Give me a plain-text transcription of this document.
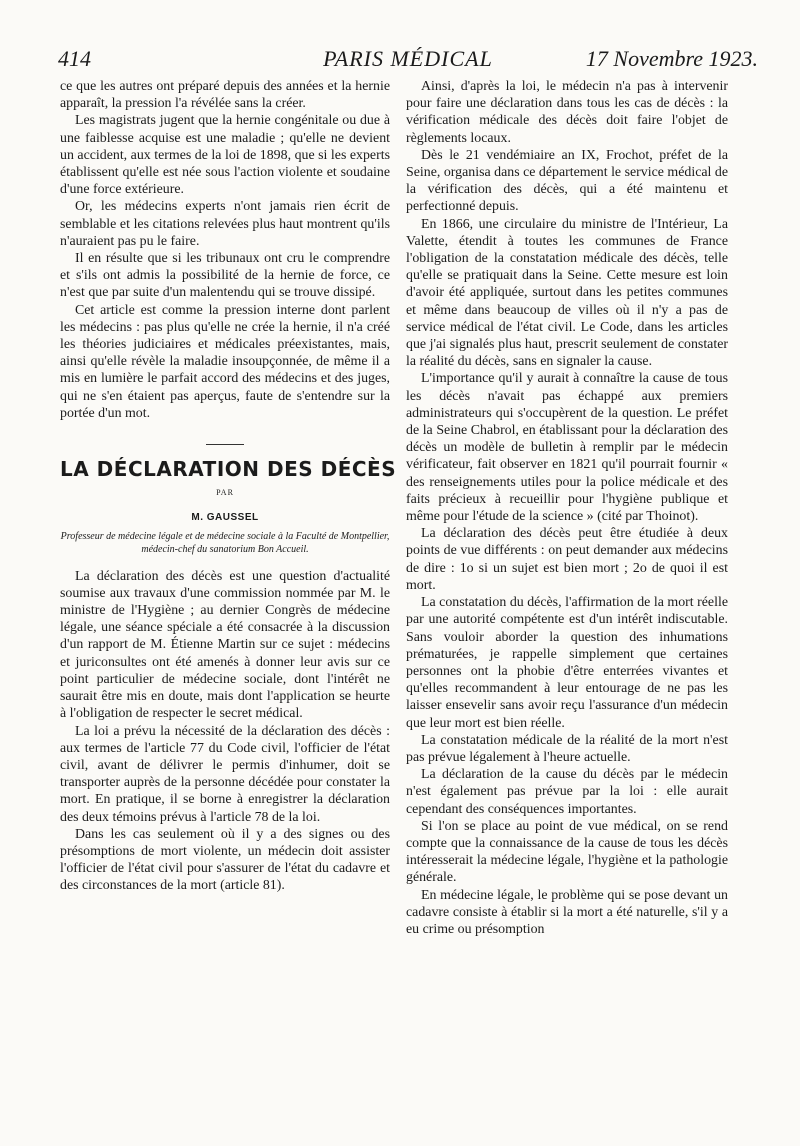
414	PARIS MÉDICAL	17 Novembre 1923.

ce que les autres ont préparé depuis des années et la hernie apparaît, la pression l'a révélée sans la créer.

Les magistrats jugent que la hernie congénitale ou due à une faiblesse acquise est une maladie ; qu'elle ne devient un accident, aux termes de la loi de 1898, que si les experts établissent qu'elle est née sous l'action violente et soudaine d'une force extérieure.

Or, les médecins experts n'ont jamais rien écrit de semblable et les citations relevées plus haut montrent qu'ils n'auraient pas pu le faire.

Il en résulte que si les tribunaux ont cru le comprendre et s'ils ont admis la possibilité de la hernie de force, ce n'est que par suite d'un malentendu qui se trouve dissipé.

Cet article est comme la pression interne dont parlent les médecins : pas plus qu'elle ne crée la hernie, il n'a créé les théories judiciaires et médicales préexistantes, mais, ainsi qu'elle révèle la maladie insoupçonnée, de même il a mis en lumière le parfait accord des médecins et des juges, qui ne s'en étaient pas aperçus, faute de s'entendre sur la portée d'un mot.

LA DÉCLARATION DES DÉCÈS
PAR
M. GAUSSEL
Professeur de médecine légale et de médecine sociale à la Faculté de Montpellier, médecin-chef du sanatorium Bon Accueil.

La déclaration des décès est une question d'actualité soumise aux travaux d'une commission nommée par M. le ministre de l'Hygiène ; au dernier Congrès de médecine légale, une séance spéciale a été consacrée à la discussion d'un rapport de M. Étienne Martin sur ce sujet : médecins et juriconsultes ont été amenés à donner leur avis sur ce point particulier de médecine sociale, dont l'intérêt ne saurait être mis en doute, mais dont l'application se heurte à l'obligation de respecter le secret médical.

La loi a prévu la nécessité de la déclaration des décès : aux termes de l'article 77 du Code civil, l'officier de l'état civil, avant de délivrer le permis d'inhumer, doit se transporter auprès de la personne décédée pour constater la mort. En pratique, il se borne à enregistrer la déclaration des deux témoins prévus à l'article 78 de la loi.

Dans les cas seulement où il y a des signes ou des présomptions de mort violente, un médecin doit assister l'officier de l'état civil pour s'assurer de l'état du cadavre et des circonstances de la mort (article 81).

Ainsi, d'après la loi, le médecin n'a pas à intervenir pour faire une déclaration dans tous les cas de décès : la vérification médicale des décès doit faire l'objet de règlements locaux.

Dès le 21 vendémiaire an IX, Frochot, préfet de la Seine, organisa dans ce département le service médical de la vérification des décès, qui a été maintenu et perfectionné depuis.

En 1866, une circulaire du ministre de l'Intérieur, La Valette, étendit à toutes les communes de France l'obligation de la constatation médicale des décès, telle qu'elle se pratiquait dans la Seine. Cette mesure est loin d'avoir été appliquée, surtout dans les petites communes et même dans beaucoup de villes où il n'y a pas de service médical de l'état civil. Le Code, dans les articles que j'ai signalés plus haut, prescrit seulement de constater la réalité du décès, sans en signaler la cause.

L'importance qu'il y aurait à connaître la cause de tous les décès n'avait pas échappé aux premiers administrateurs qui s'occupèrent de la question. Le préfet de la Seine Chabrol, en établissant pour la déclaration des décès un modèle de bulletin à remplir par le médecin vérificateur, fait observer en 1821 qu'il pourrait fournir « des renseignements utiles pour la police médicale et des faits précieux à recueillir pour l'hygiène publique et même pour l'étude de la science » (cité par Thoinot).

La déclaration des décès peut être étudiée à deux points de vue différents : on peut demander aux médecins de dire : 1o si un sujet est bien mort ; 2o de quoi il est mort.

La constatation du décès, l'affirmation de la mort réelle par une autorité compétente est d'un intérêt indiscutable. Sans vouloir aborder la question des inhumations prématurées, je rappelle simplement que certaines personnes ont la phobie d'être enterrées vivantes et qu'elles recommandent à leur entourage de ne pas les laisser ensevelir sans avoir reçu l'assurance d'un médecin que leur mort est bien réelle.

La constatation médicale de la réalité de la mort n'est pas prévue légalement à l'heure actuelle.

La déclaration de la cause du décès par le médecin n'est également pas prévue par la loi : elle aurait cependant des conséquences importantes.

Si l'on se place au point de vue médical, on se rend compte que la connaissance de la cause de tous les décès intéresserait la médecine légale, l'hygiène et la pathologie générale.

En médecine légale, le problème qui se pose devant un cadavre consiste à établir si la mort a été naturelle, s'il y a eu crime ou présomption
